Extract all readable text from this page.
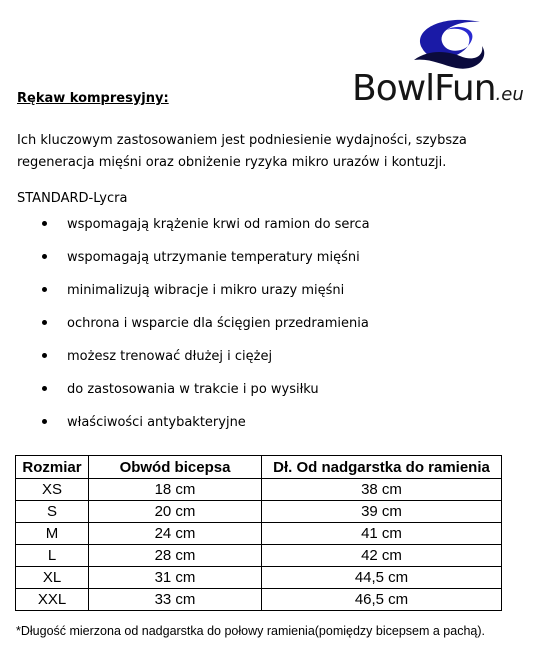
BowlFun.eu
Rękaw kompresyjny:
Ich kluczowym zastosowaniem jest podniesienie wydajności, szybsza regeneracja mięśni oraz obniżenie ryzyka mikro urazów i kontuzji.
STANDARD-Lycra
wspomagają krążenie krwi od ramion do serca
wspomagają utrzymanie temperatury mięśni
minimalizują wibracje i mikro urazy mięśni
ochrona i wsparcie dla ścięgien przedramienia
możesz trenować dłużej i ciężej
do zastosowania w trakcie i po wysiłku
właściwości antybakteryjne
Rozmiar	Obwód bicepsa	Dł. Od nadgarstka do ramienia
XS	18 cm	38 cm
S	20 cm	39 cm
M	24 cm	41 cm
L	28 cm	42 cm
XL	31 cm	44,5 cm
XXL	33 cm	46,5 cm
*Długość mierzona od nadgarstka do połowy ramienia(pomiędzy bicepsem a pachą).
